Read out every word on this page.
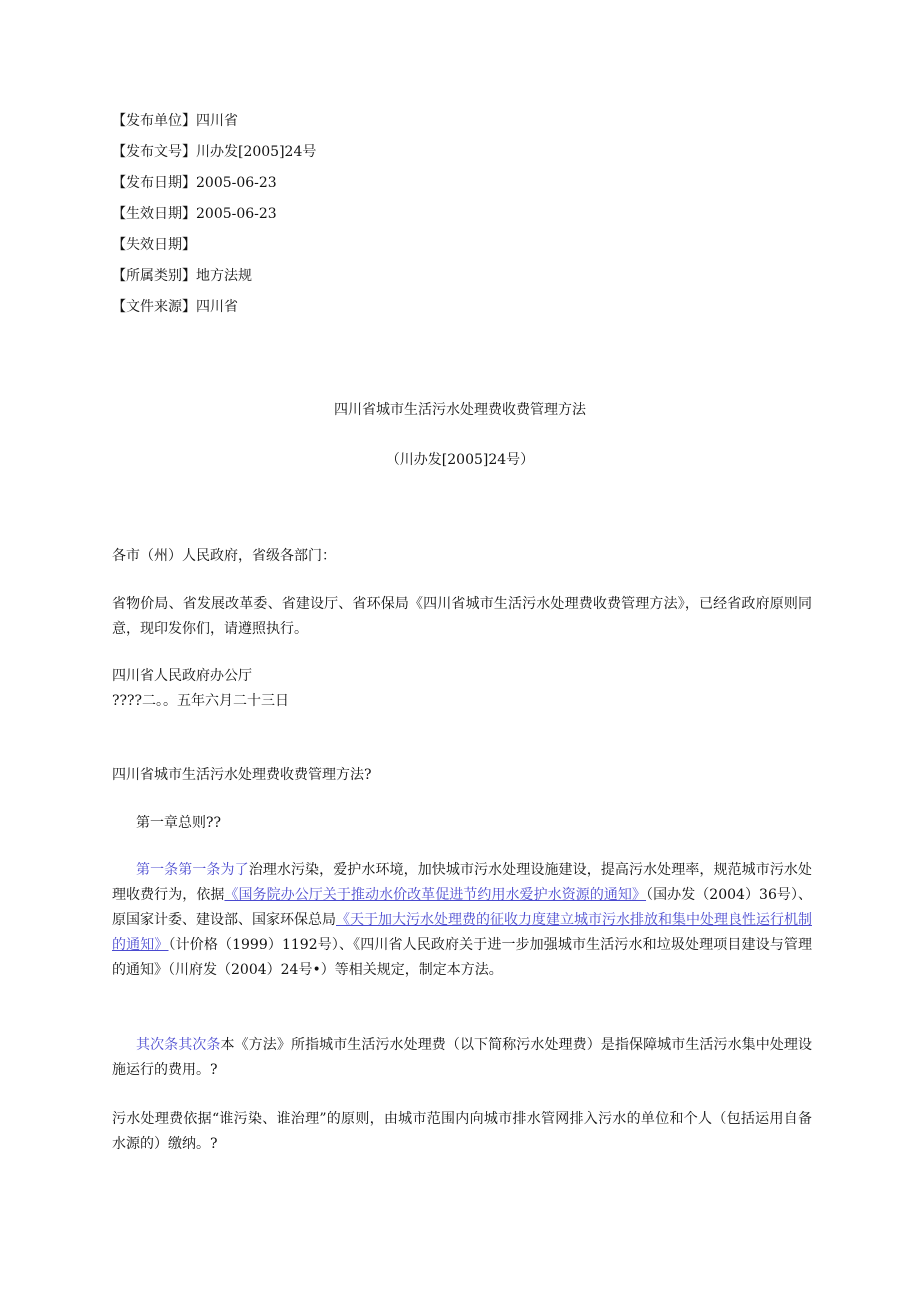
【发布单位】四川省
【发布文号】川办发[2005]24号
【发布日期】2005-06-23
【生效日期】2005-06-23
【失效日期】
【所属类别】地方法规
【文件来源】四川省
四川省城市生活污水处理费收费管理方法
（川办发[2005]24号）
各市（州）人民政府，省级各部门：
省物价局、省发展改革委、省建设厅、省环保局《四川省城市生活污水处理费收费管理方法》，已经省政府原则同意，现印发你们，请遵照执行。
四川省人民政府办公厅
????二。。五年六月二十三日
四川省城市生活污水处理费收费管理方法?
第一章总则??
第一条第一条为了治理水污染，爱护水环境，加快城市污水处理设施建设，提高污水处理率，规范城市污水处理收费行为，依据《国务院办公厅关于推动水价改革促进节约用水爱护水资源的通知》（国办发（2004）36号）、原国家计委、建设部、国家环保总局《天于加大污水处理费的征收力度建立城市污水排放和集中处理良性运行机制的通知》（计价格（1999）1192号）、《四川省人民政府关于进一步加强城市生活污水和垃圾处理项目建设与管理的通知》（川府发（2004）24号•）等相关规定，制定本方法。
其次条其次条本《方法》所指城市生活污水处理费（以下简称污水处理费）是指保障城市生活污水集中处理设施运行的费用。?
污水处理费依据“谁污染、谁治理”的原则，由城市范围内向城市排水管网排入污水的单位和个人（包括运用自备水源的）缴纳。?
